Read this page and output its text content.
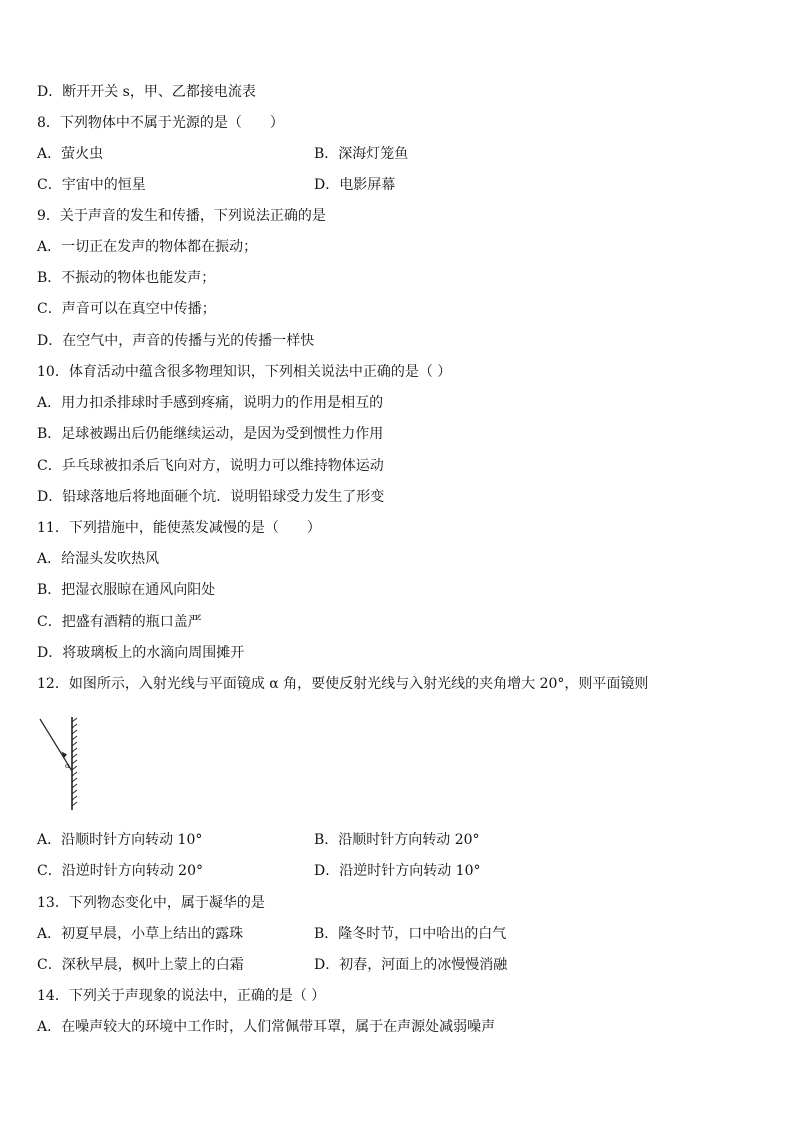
D．断开开关 s，甲、乙都接电流表
8．下列物体中不属于光源的是（　　）
A．萤火虫	B．深海灯笼鱼
C．宇宙中的恒星	D．电影屏幕
9．关于声音的发生和传播，下列说法正确的是
A．一切正在发声的物体都在振动；
B．不振动的物体也能发声；
C．声音可以在真空中传播；
D．在空气中，声音的传播与光的传播一样快
10．体育活动中蕴含很多物理知识，下列相关说法中正确的是（ ）
A．用力扣杀排球时手感到疼痛，说明力的作用是相互的
B．足球被踢出后仍能继续运动，是因为受到惯性力作用
C．乒乓球被扣杀后飞向对方，说明力可以维持物体运动
D．铅球落地后将地面砸个坑．说明铅球受力发生了形变
11．下列措施中，能使蒸发减慢的是（　　）
A．给湿头发吹热风
B．把湿衣服晾在通风向阳处
C．把盛有酒精的瓶口盖严
D．将玻璃板上的水滴向周围摊开
12．如图所示，入射光线与平面镜成 α 角，要使反射光线与入射光线的夹角增大 20°，则平面镜则
α
A．沿顺时针方向转动 10°	B．沿顺时针方向转动 20°
C．沿逆时针方向转动 20°	D．沿逆时针方向转动 10°
13．下列物态变化中，属于凝华的是
A．初夏早晨，小草上结出的露珠	B．隆冬时节，口中哈出的白气
C．深秋早晨，枫叶上蒙上的白霜	D．初春，河面上的冰慢慢消融
14．下列关于声现象的说法中，正确的是（ ）
A．在噪声较大的环境中工作时，人们常佩带耳罩，属于在声源处减弱噪声
